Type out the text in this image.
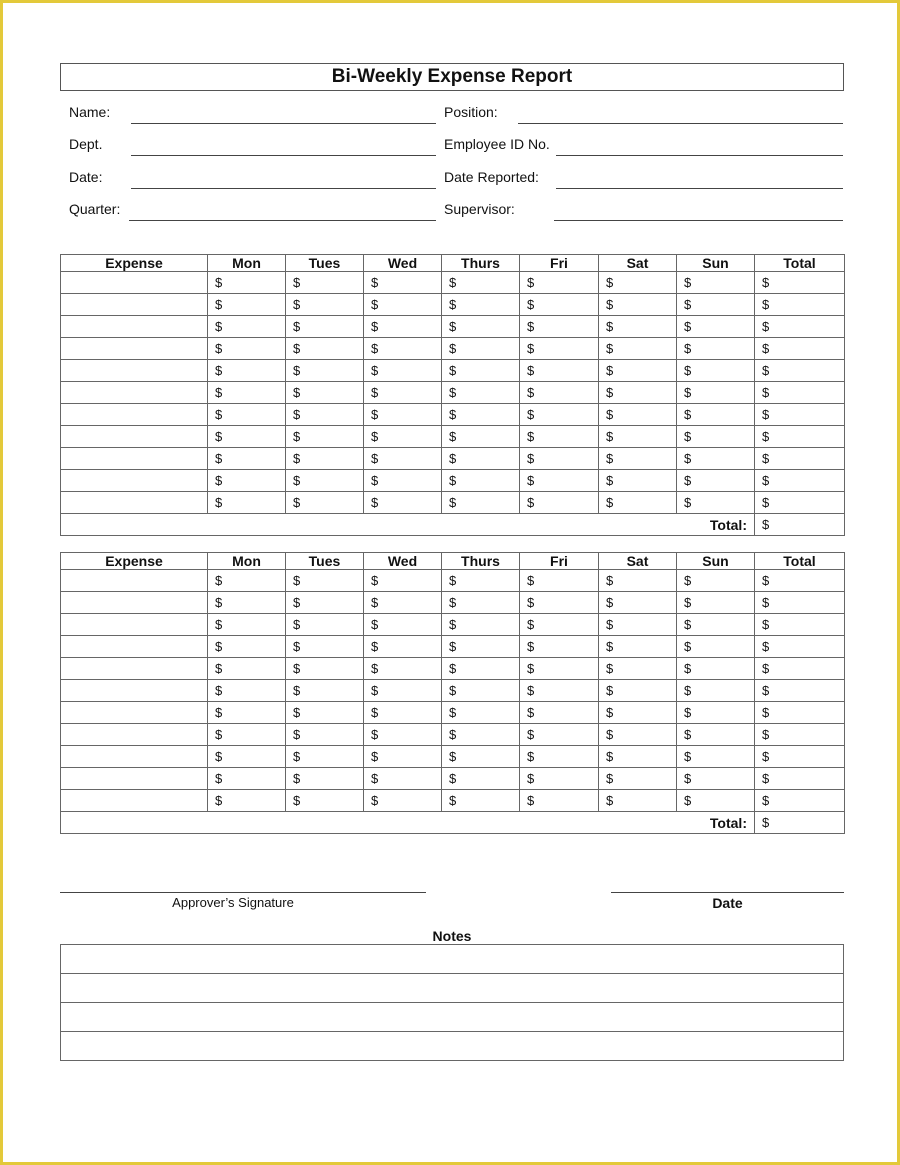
Bi-Weekly Expense Report
Name:	Position:
Dept.	Employee ID No.
Date:	Date Reported:
Quarter:	Supervisor:
Expense	Mon	Tues	Wed	Thurs	Fri	Sat	Sun	Total
	$	$	$	$	$	$	$	$
	$	$	$	$	$	$	$	$
	$	$	$	$	$	$	$	$
	$	$	$	$	$	$	$	$
	$	$	$	$	$	$	$	$
	$	$	$	$	$	$	$	$
	$	$	$	$	$	$	$	$
	$	$	$	$	$	$	$	$
	$	$	$	$	$	$	$	$
	$	$	$	$	$	$	$	$
	$	$	$	$	$	$	$	$
Total:								$
Expense	Mon	Tues	Wed	Thurs	Fri	Sat	Sun	Total
	$	$	$	$	$	$	$	$
	$	$	$	$	$	$	$	$
	$	$	$	$	$	$	$	$
	$	$	$	$	$	$	$	$
	$	$	$	$	$	$	$	$
	$	$	$	$	$	$	$	$
	$	$	$	$	$	$	$	$
	$	$	$	$	$	$	$	$
	$	$	$	$	$	$	$	$
	$	$	$	$	$	$	$	$
	$	$	$	$	$	$	$	$
Total:								$
Approver’s Signature	Date
Notes
